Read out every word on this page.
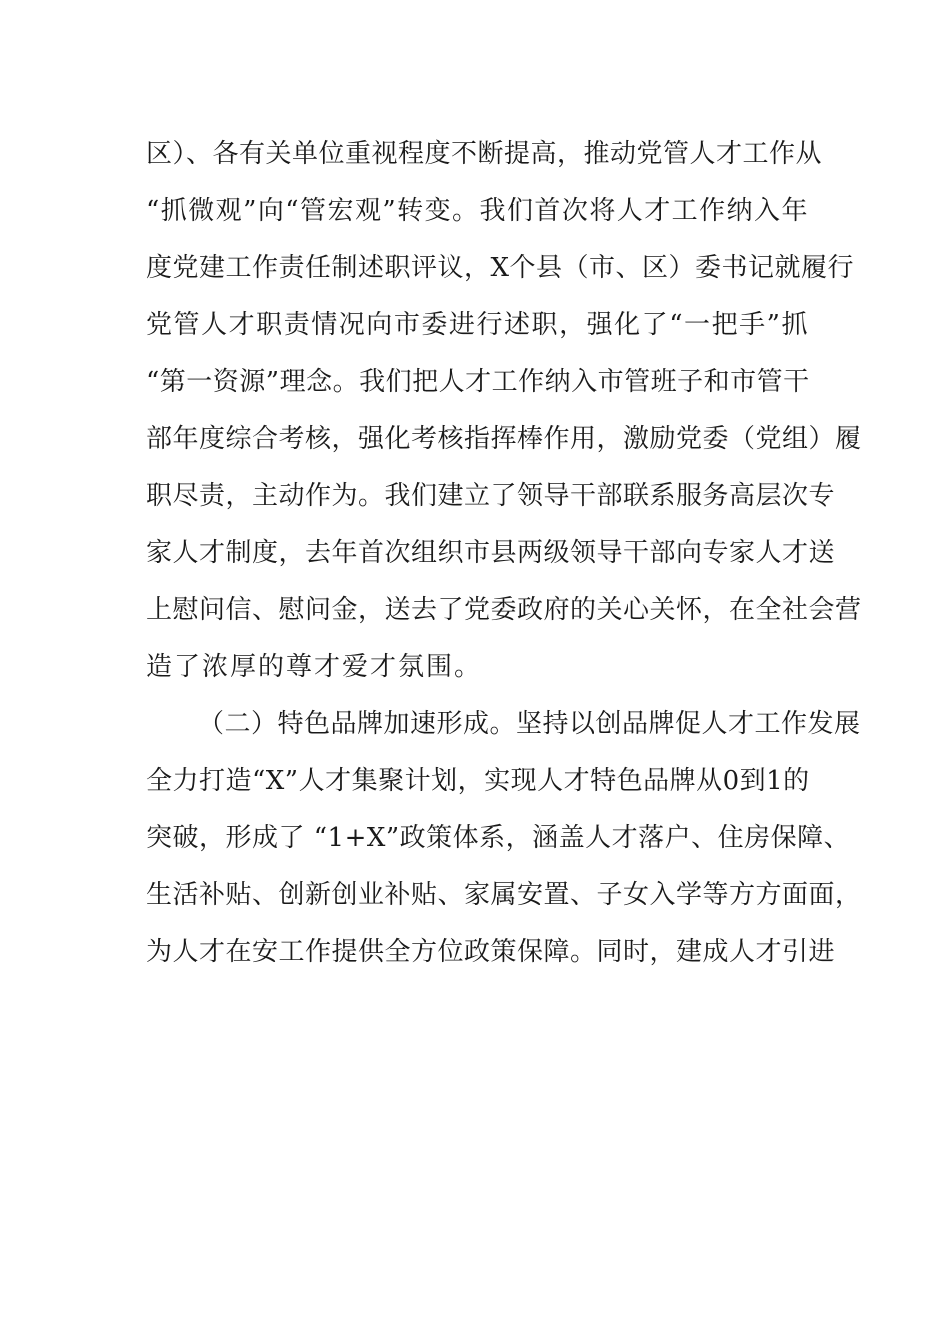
区）、各有关单位重视程度不断提高，推动党管人才工作从
“抓微观”向“管宏观”转变。我们首次将人才工作纳入年
度党建工作责任制述职评议，X个县（市、区）委书记就履行
党管人才职责情况向市委进行述职，强化了“一把手”抓
“第一资源”理念。我们把人才工作纳入市管班子和市管干
部年度综合考核，强化考核指挥棒作用，激励党委（党组）履
职尽责，主动作为。我们建立了领导干部联系服务高层次专
家人才制度，去年首次组织市县两级领导干部向专家人才送
上慰问信、慰问金，送去了党委政府的关心关怀，在全社会营
造了浓厚的尊才爱才氛围。
（二）特色品牌加速形成。坚持以创品牌促人才工作发展
全力打造“X”人才集聚计划，实现人才特色品牌从0到1的
突破，形成了 “1+X”政策体系，涵盖人才落户、住房保障、
生活补贴、创新创业补贴、家属安置、子女入学等方方面面，
为人才在安工作提供全方位政策保障。同时，建成人才引进
